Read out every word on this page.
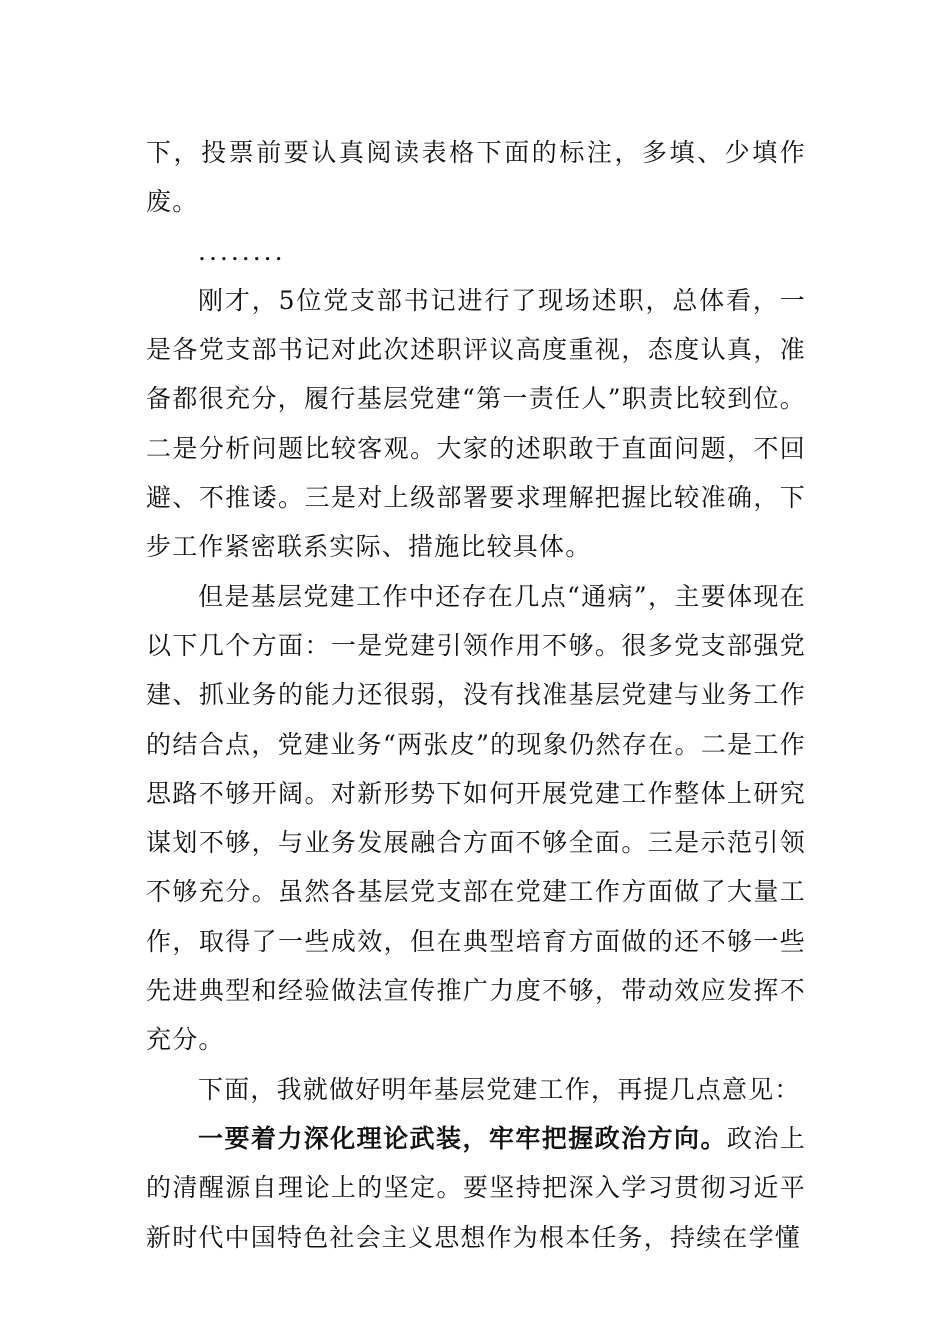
下，投票前要认真阅读表格下面的标注，多填、少填作废。

........

刚才，5位党支部书记进行了现场述职，总体看，一是各党支部书记对此次述职评议高度重视，态度认真，准备都很充分，履行基层党建“第一责任人”职责比较到位。二是分析问题比较客观。大家的述职敢于直面问题，不回避、不推诿。三是对上级部署要求理解把握比较准确，下步工作紧密联系实际、措施比较具体。

但是基层党建工作中还存在几点“通病”，主要体现在以下几个方面：一是党建引领作用不够。很多党支部强党建、抓业务的能力还很弱，没有找准基层党建与业务工作的结合点，党建业务“两张皮”的现象仍然存在。二是工作思路不够开阔。对新形势下如何开展党建工作整体上研究谋划不够，与业务发展融合方面不够全面。三是示范引领不够充分。虽然各基层党支部在党建工作方面做了大量工作，取得了一些成效，但在典型培育方面做的还不够一些先进典型和经验做法宣传推广力度不够，带动效应发挥不充分。

下面，我就做好明年基层党建工作，再提几点意见：

一要着力深化理论武装，牢牢把握政治方向。政治上的清醒源自理论上的坚定。要坚持把深入学习贯彻习近平新时代中国特色社会主义思想作为根本任务，持续在学懂
